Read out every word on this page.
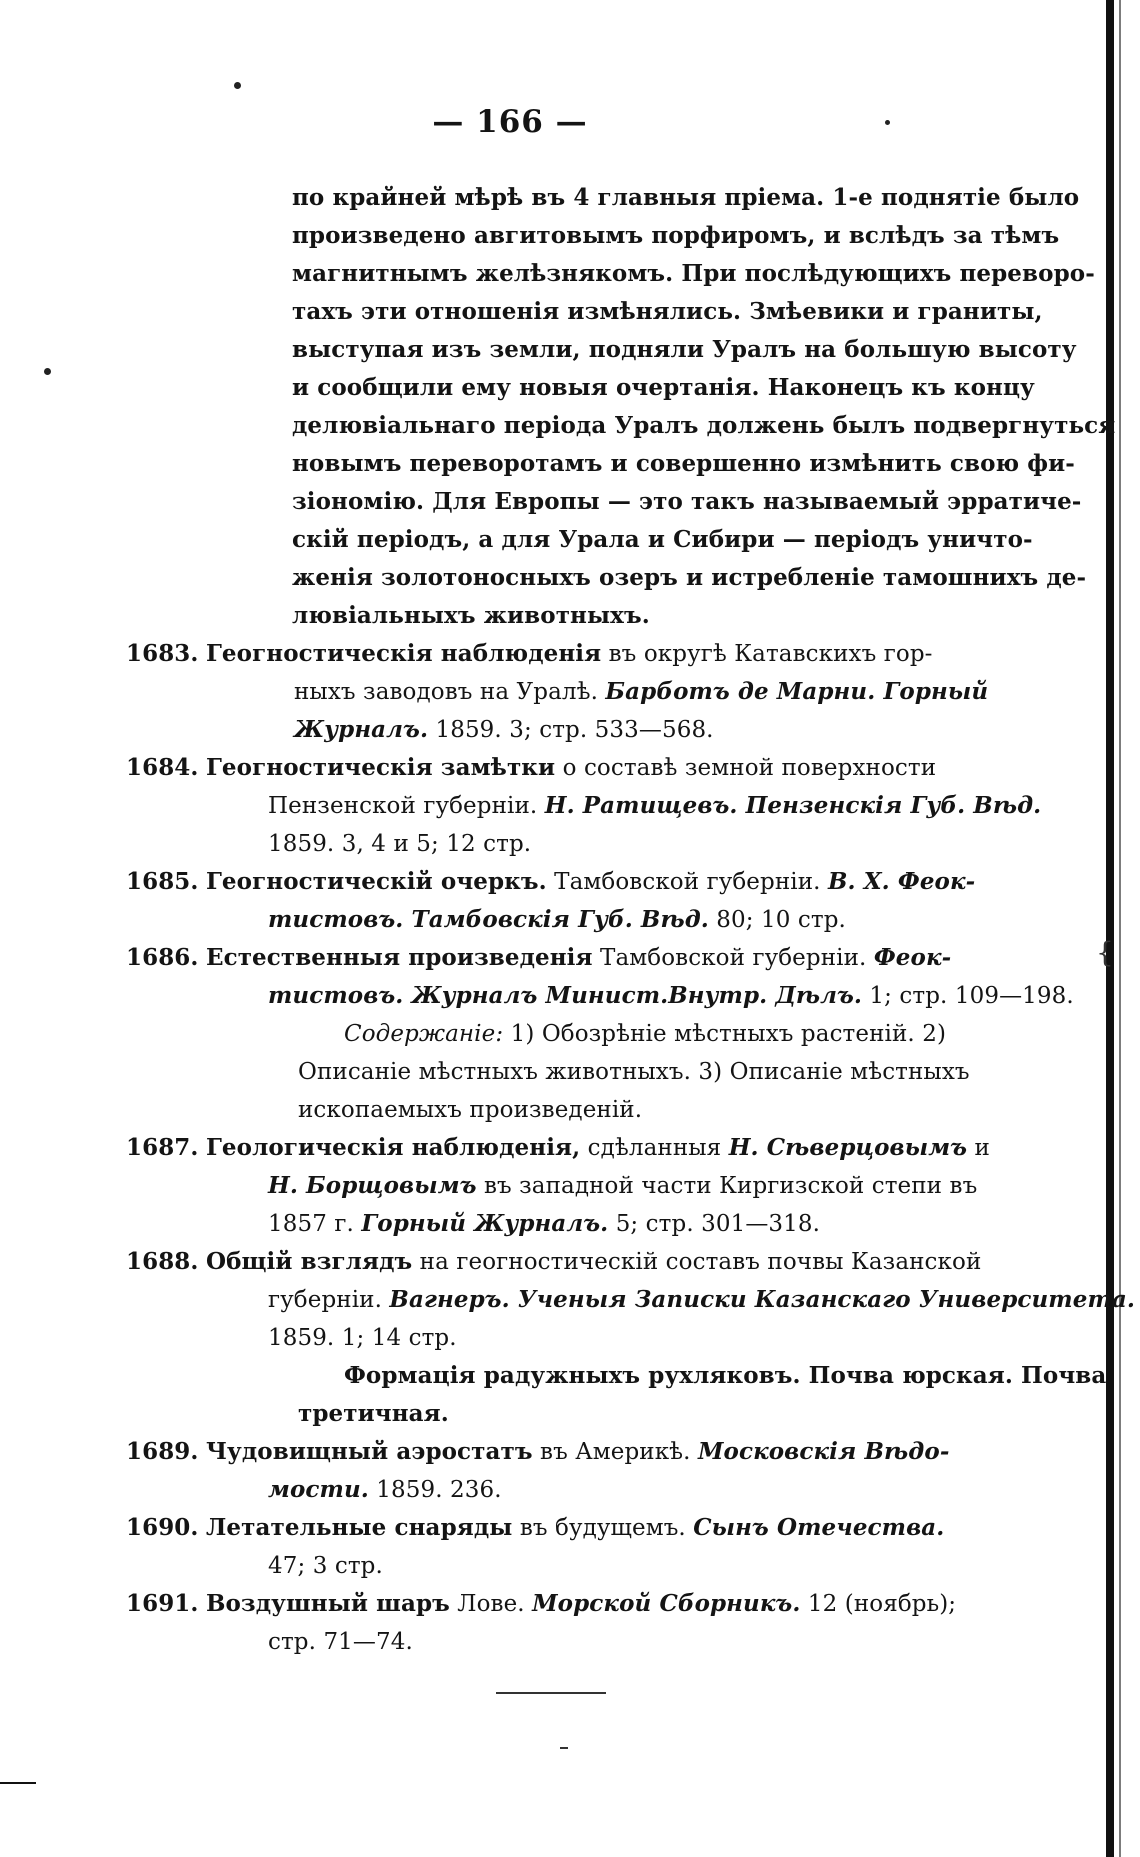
{
— 166 —
по крайней мѣрѣ въ 4 главныя пріема. 1-е поднятіе было
произведено авгитовымъ порфиромъ, и вслѣдъ за тѣмъ
магнитнымъ желѣзнякомъ. При послѣдующихъ переворо-
тахъ эти отношенія измѣнялись. Змѣевики и граниты,
выступая изъ земли, подняли Уралъ на большую высоту
и сообщили ему новыя очертанія. Наконецъ къ концу
делювіальнаго періода Уралъ должень былъ подвергнуться
новымъ переворотамъ и совершенно измѣнить свою фи-
зіономію. Для Европы — это такъ называемый эрратиче-
скій періодъ, а для Урала и Сибири — періодъ уничто-
женія золотоносныхъ озеръ и истребленіе тамошнихъ де-
лювіальныхъ животныхъ.
1683. Геогностическія наблюденія въ округѣ Катавскихъ гор-
ныхъ заводовъ на Уралѣ. Барботъ де Марни. Горный
Журналъ. 1859. 3; стр. 533—568.
1684. Геогностическія замѣтки о составѣ земной поверхности
Пензенской губерніи. Н. Ратищевъ. Пензенскія Губ. Вѣд.
1859. 3, 4 и 5; 12 стр.
1685. Геогностическій очеркъ. Тамбовской губерніи. В. Х. Феок-
тистовъ. Тамбовскія Губ. Вѣд. 80; 10 стр.
1686. Естественныя произведенія Тамбовской губерніи. Феок-
тистовъ. Журналъ Минист.Внутр. Дѣлъ. 1; стр. 109—198.
Содержаніе: 1) Обозрѣніе мѣстныхъ растеній. 2)
Описаніе мѣстныхъ животныхъ. 3) Описаніе мѣстныхъ
ископаемыхъ произведеній.
1687. Геологическія наблюденія, сдѣланныя Н. Сѣверцовымъ и
Н. Борщовымъ въ западной части Киргизской степи въ
1857 г. Горный Журналъ. 5; стр. 301—318.
1688. Общій взглядъ на геогностическій составъ почвы Казанской
губерніи. Вагнеръ. Ученыя Записки Казанскаго Университета.
1859. 1; 14 стр.
Формація радужныхъ рухляковъ. Почва юрская. Почва
третичная.
1689. Чудовищный аэростатъ въ Америкѣ. Московскія Вѣдо-
мости. 1859. 236.
1690. Летательные снаряды въ будущемъ. Сынъ Отечества.
47; 3 стр.
1691. Воздушный шаръ Лове. Морской Сборникъ. 12 (ноябрь);
стр. 71—74.
